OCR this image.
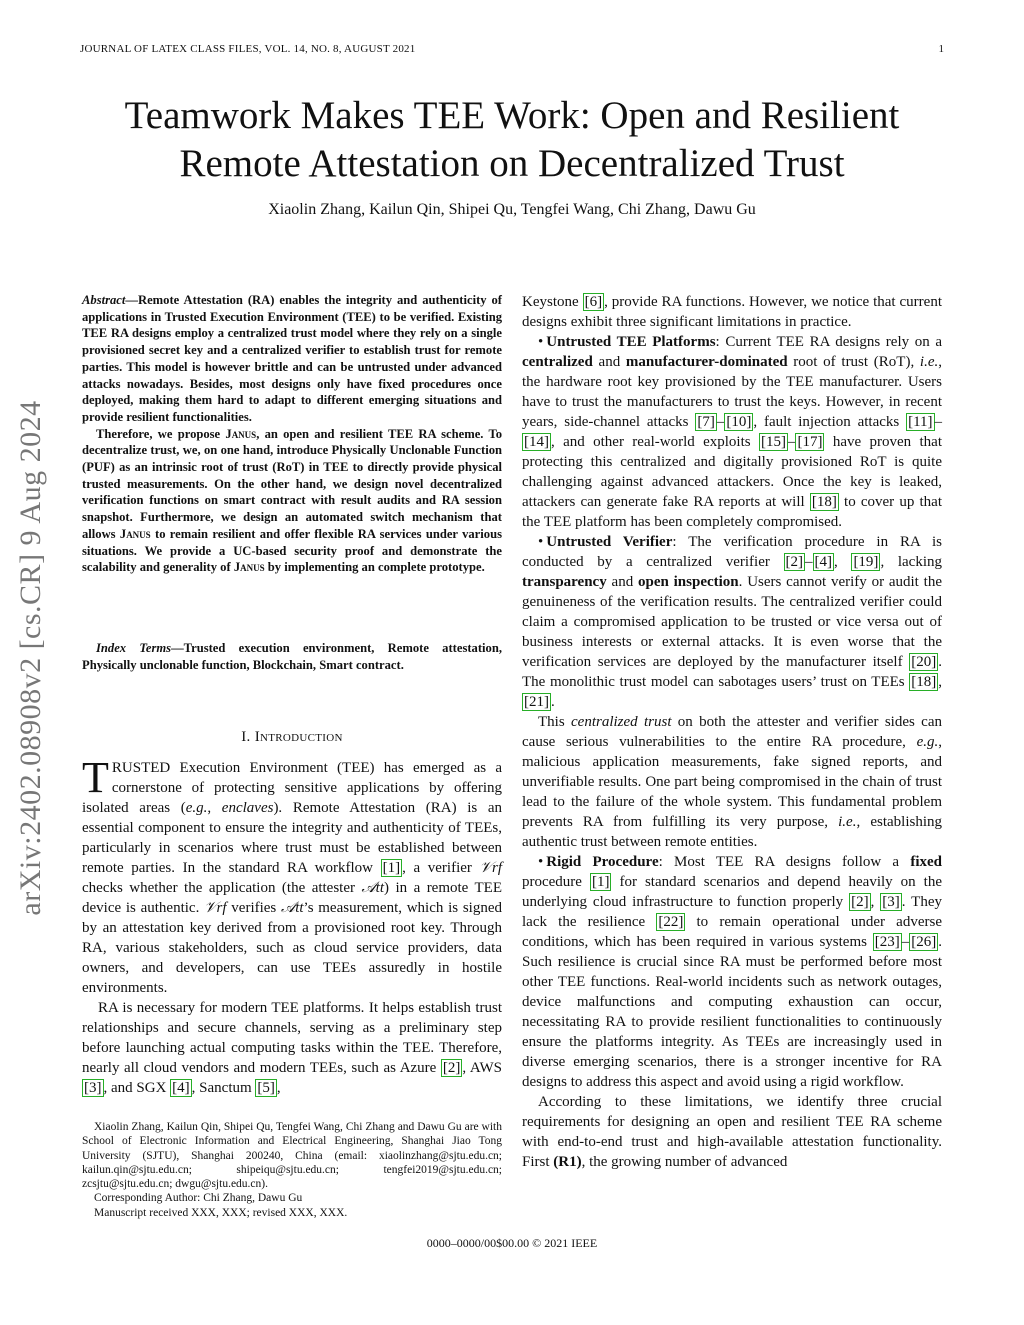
JOURNAL OF LATEX CLASS FILES, VOL. 14, NO. 8, AUGUST 2021	1
Teamwork Makes TEE Work: Open and Resilient
Remote Attestation on Decentralized Trust
Xiaolin Zhang, Kailun Qin, Shipei Qu, Tengfei Wang, Chi Zhang, Dawu Gu
arXiv:2402.08908v2 [cs.CR] 9 Aug 2024

Abstract—Remote Attestation (RA) enables the integrity and authenticity of applications in Trusted Execution Environment (TEE) to be verified. Existing TEE RA designs employ a centralized trust model where they rely on a single provisioned secret key and a centralized verifier to establish trust for remote parties. This model is however brittle and can be untrusted under advanced attacks nowadays. Besides, most designs only have fixed procedures once deployed, making them hard to adapt to different emerging situations and provide resilient functionalities.

Therefore, we propose Janus, an open and resilient TEE RA scheme. To decentralize trust, we, on one hand, introduce Physically Unclonable Function (PUF) as an intrinsic root of trust (RoT) in TEE to directly provide physical trusted measurements. On the other hand, we design novel decentralized verification functions on smart contract with result audits and RA session snapshot. Furthermore, we design an automated switch mechanism that allows Janus to remain resilient and offer flexible RA services under various situations. We provide a UC-based security proof and demonstrate the scalability and generality of Janus by implementing an complete prototype.

Index Terms—Trusted execution environment, Remote attestation, Physically unclonable function, Blockchain, Smart contract.
I. Introduction

TRUSTED Execution Environment (TEE) has emerged as a cornerstone of protecting sensitive applications by offering isolated areas (e.g., enclaves). Remote Attestation (RA) is an essential component to ensure the integrity and authenticity of TEEs, particularly in scenarios where trust must be established between remote parties. In the standard RA workflow [1] , a verifier 𝒱rf checks whether the application (the attester 𝒜tt) in a remote TEE device is authentic. 𝒱rf verifies 𝒜tt’s measurement, which is signed by an attestation key derived from a provisioned root key. Through RA, various stakeholders, such as cloud service providers, data owners, and developers, can use TEEs assuredly in hostile environments.

RA is necessary for modern TEE platforms. It helps establish trust relationships and secure channels, serving as a preliminary step before launching actual computing tasks within the TEE. Therefore, nearly all cloud vendors and modern TEEs, such as Azure [2] , AWS [3] , and SGX [4] , Sanctum [5] ,

Xiaolin Zhang, Kailun Qin, Shipei Qu, Tengfei Wang, Chi Zhang and Dawu Gu are with School of Electronic Information and Electrical Engineering, Shanghai Jiao Tong University (SJTU), Shanghai 200240, China (email: xiaolinzhang@sjtu.edu.cn; kailun.qin@sjtu.edu.cn; shipeiqu@sjtu.edu.cn; tengfei2019@sjtu.edu.cn; zcsjtu@sjtu.edu.cn; dwgu@sjtu.edu.cn).

Corresponding Author: Chi Zhang, Dawu Gu

Manuscript received XXX, XXX; revised XXX, XXX.

Keystone [6] , provide RA functions. However, we notice that current designs exhibit three significant limitations in practice.

• Untrusted TEE Platforms: Current TEE RA designs rely on a centralized and manufacturer-dominated root of trust (RoT), i.e., the hardware root key provisioned by the TEE manufacturer. Users have to trust the manufacturers to trust the keys. However, in recent years, side-channel attacks [7] – [10] , fault injection attacks [11] –[14] , and other real-world exploits [15] – [17] have proven that protecting this centralized and digitally provisioned RoT is quite challenging against advanced attackers. Once the key is leaked, attackers can generate fake RA reports at will [18] to cover up that the TEE platform has been completely compromised.

• Untrusted Verifier: The verification procedure in RA is conducted by a centralized verifier [2] – [4] , [19] , lacking transparency and open inspection. Users cannot verify or audit the genuineness of the verification results. The centralized verifier could claim a compromised application to be trusted or vice versa out of business interests or external attacks. It is even worse that the verification services are deployed by the manufacturer itself [20] . The monolithic trust model can sabotages users’ trust on TEEs [18] , [21] .

This centralized trust on both the attester and verifier sides can cause serious vulnerabilities to the entire RA procedure, e.g., malicious application measurements, fake signed reports, and unverifiable results. One part being compromised in the chain of trust lead to the failure of the whole system. This fundamental problem prevents RA from fulfilling its very purpose, i.e., establishing authentic trust between remote entities.

• Rigid Procedure: Most TEE RA designs follow a fixed procedure [1] for standard scenarios and depend heavily on the underlying cloud infrastructure to function properly [2] , [3] . They lack the resilience [22] to remain operational under adverse conditions, which has been required in various systems [23] – [26] . Such resilience is crucial since RA must be performed before most other TEE functions. Real-world incidents such as network outages, device malfunctions and computing exhaustion can occur, necessitating RA to provide resilient functionalities to continuously ensure the platforms integrity. As TEEs are increasingly used in diverse emerging scenarios, there is a stronger incentive for RA designs to address this aspect and avoid using a rigid workflow.

According to these limitations, we identify three crucial requirements for designing an open and resilient TEE RA scheme with end-to-end trust and high-available attestation functionality. First (R1), the growing number of advanced

0000–0000/00$00.00 © 2021 IEEE
